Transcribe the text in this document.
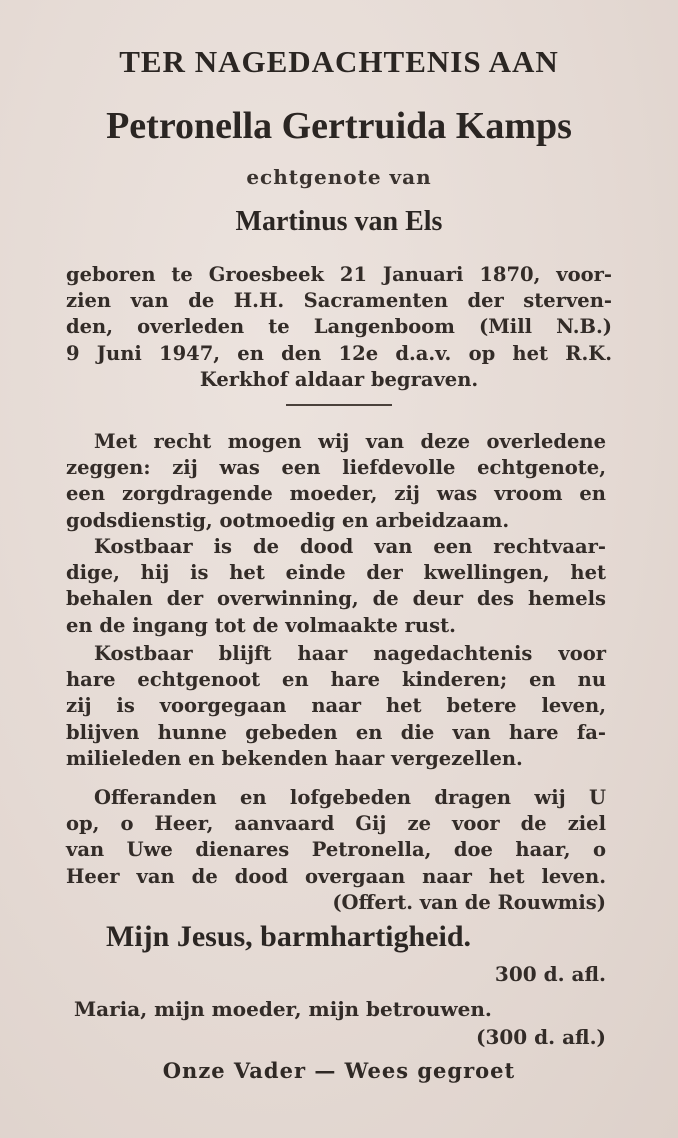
TER NAGEDACHTENIS AAN
Petronella Gertruida Kamps
echtgenote van
Martinus van Els
geboren te Groesbeek 21 Januari 1870, voor-
zien van de H.H. Sacramenten der sterven-
den, overleden te Langenboom (Mill N.B.)
9 Juni 1947, en den 12e d.a.v. op het R.K.
Kerkhof aldaar begraven.
Met recht mogen wij van deze overledene
zeggen: zij was een liefdevolle echtgenote,
een zorgdragende moeder, zij was vroom en
godsdienstig, ootmoedig en arbeidzaam.
Kostbaar is de dood van een rechtvaar-
dige, hij is het einde der kwellingen, het
behalen der overwinning, de deur des hemels
en de ingang tot de volmaakte rust.
Kostbaar blijft haar nagedachtenis voor
hare echtgenoot en hare kinderen; en nu
zij is voorgegaan naar het betere leven,
blijven hunne gebeden en die van hare fa-
milieleden en bekenden haar vergezellen.
Offeranden en lofgebeden dragen wij U
op, o Heer, aanvaard Gij ze voor de ziel
van Uwe dienares Petronella, doe haar, o
Heer van de dood overgaan naar het leven.
(Offert. van de Rouwmis)
Mijn Jesus, barmhartigheid.
300 d. afl.
Maria, mijn moeder, mijn betrouwen.
(300 d. afl.)
Onze Vader — Wees gegroet
